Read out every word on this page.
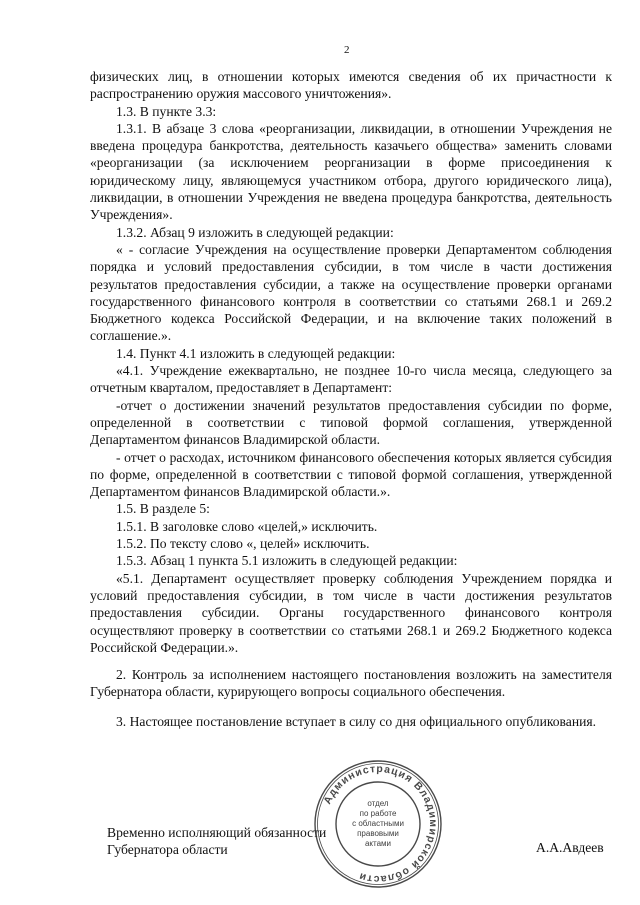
2

физических лиц, в отношении которых имеются сведения об их причастности к распространению оружия массового уничтожения».

1.3. В пункте 3.3:

1.3.1. В абзаце 3 слова «реорганизации, ликвидации, в отношении Учреждения не введена процедура банкротства, деятельность казачьего общества» заменить словами «реорганизации (за исключением реорганизации в форме присоединения к юридическому лицу, являющемуся участником отбора, другого юридического лица), ликвидации, в отношении Учреждения не введена процедура банкротства, деятельность Учреждения».

1.3.2. Абзац 9 изложить в следующей редакции:

« - согласие Учреждения на осуществление проверки Департаментом соблюдения порядка и условий предоставления субсидии, в том числе в части достижения результатов предоставления субсидии, а также на осуществление проверки органами государственного финансового контроля в соответствии со статьями 268.1 и 269.2 Бюджетного кодекса Российской Федерации, и на включение таких положений в соглашение.».

1.4. Пункт 4.1 изложить в следующей редакции:

«4.1. Учреждение ежеквартально, не позднее 10-го числа месяца, следующего за отчетным кварталом, предоставляет в Департамент:

-отчет о достижении значений результатов предоставления субсидии по форме, определенной в соответствии с типовой формой соглашения, утвержденной Департаментом финансов Владимирской области.

- отчет о расходах, источником финансового обеспечения которых является субсидия по форме, определенной в соответствии с типовой формой соглашения, утвержденной Департаментом финансов Владимирской области.».

1.5. В разделе 5:

1.5.1. В заголовке слово «целей,» исключить.

1.5.2. По тексту слово «, целей» исключить.

1.5.3. Абзац 1 пункта 5.1 изложить в следующей редакции:

«5.1. Департамент осуществляет проверку соблюдения Учреждением порядка и условий предоставления субсидии, в том числе в части достижения результатов предоставления субсидии. Органы государственного финансового контроля осуществляют проверку в соответствии со статьями 268.1 и 269.2 Бюджетного кодекса Российской Федерации.».

2. Контроль за исполнением настоящего постановления возложить на заместителя Губернатора области, курирующего вопросы социального обеспечения.

3. Настоящее постановление вступает в силу со дня официального опубликования.

Временно исполняющий обязанности
Губернатора области	А.А.Авдеев
Администрация Владимирской области
отдел
по работе
с областными
правовыми
актами
